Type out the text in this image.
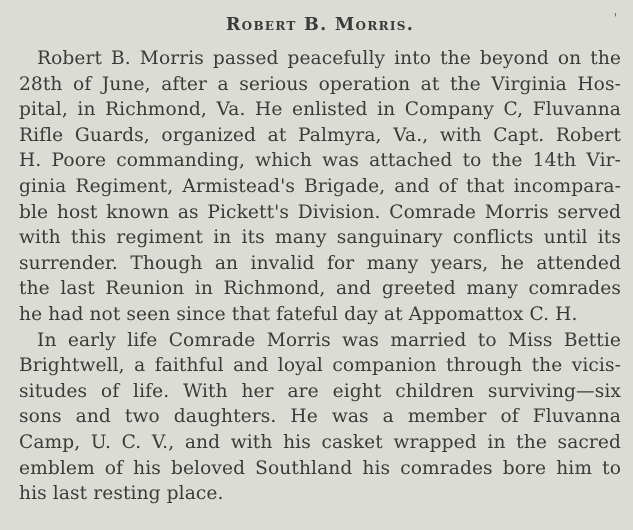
'
Robert B. Morris.

Robert B. Morris passed peacefully into the beyond on the
28th of June, after a serious operation at the Virginia Hos-
pital, in Richmond, Va. He enlisted in Company C, Fluvanna
Rifle Guards, organized at Palmyra, Va., with Capt. Robert
H. Poore commanding, which was attached to the 14th Vir-
ginia Regiment, Armistead's Brigade, and of that incompara-
ble host known as Pickett's Division. Comrade Morris served
with this regiment in its many sanguinary conflicts until its
surrender. Though an invalid for many years, he attended
the last Reunion in Richmond, and greeted many comrades
he had not seen since that fateful day at Appomattox C. H.

In early life Comrade Morris was married to Miss Bettie
Brightwell, a faithful and loyal companion through the vicis-
situdes of life. With her are eight children surviving—six
sons and two daughters. He was a member of Fluvanna
Camp, U. C. V., and with his casket wrapped in the sacred
emblem of his beloved Southland his comrades bore him to
his last resting place.
